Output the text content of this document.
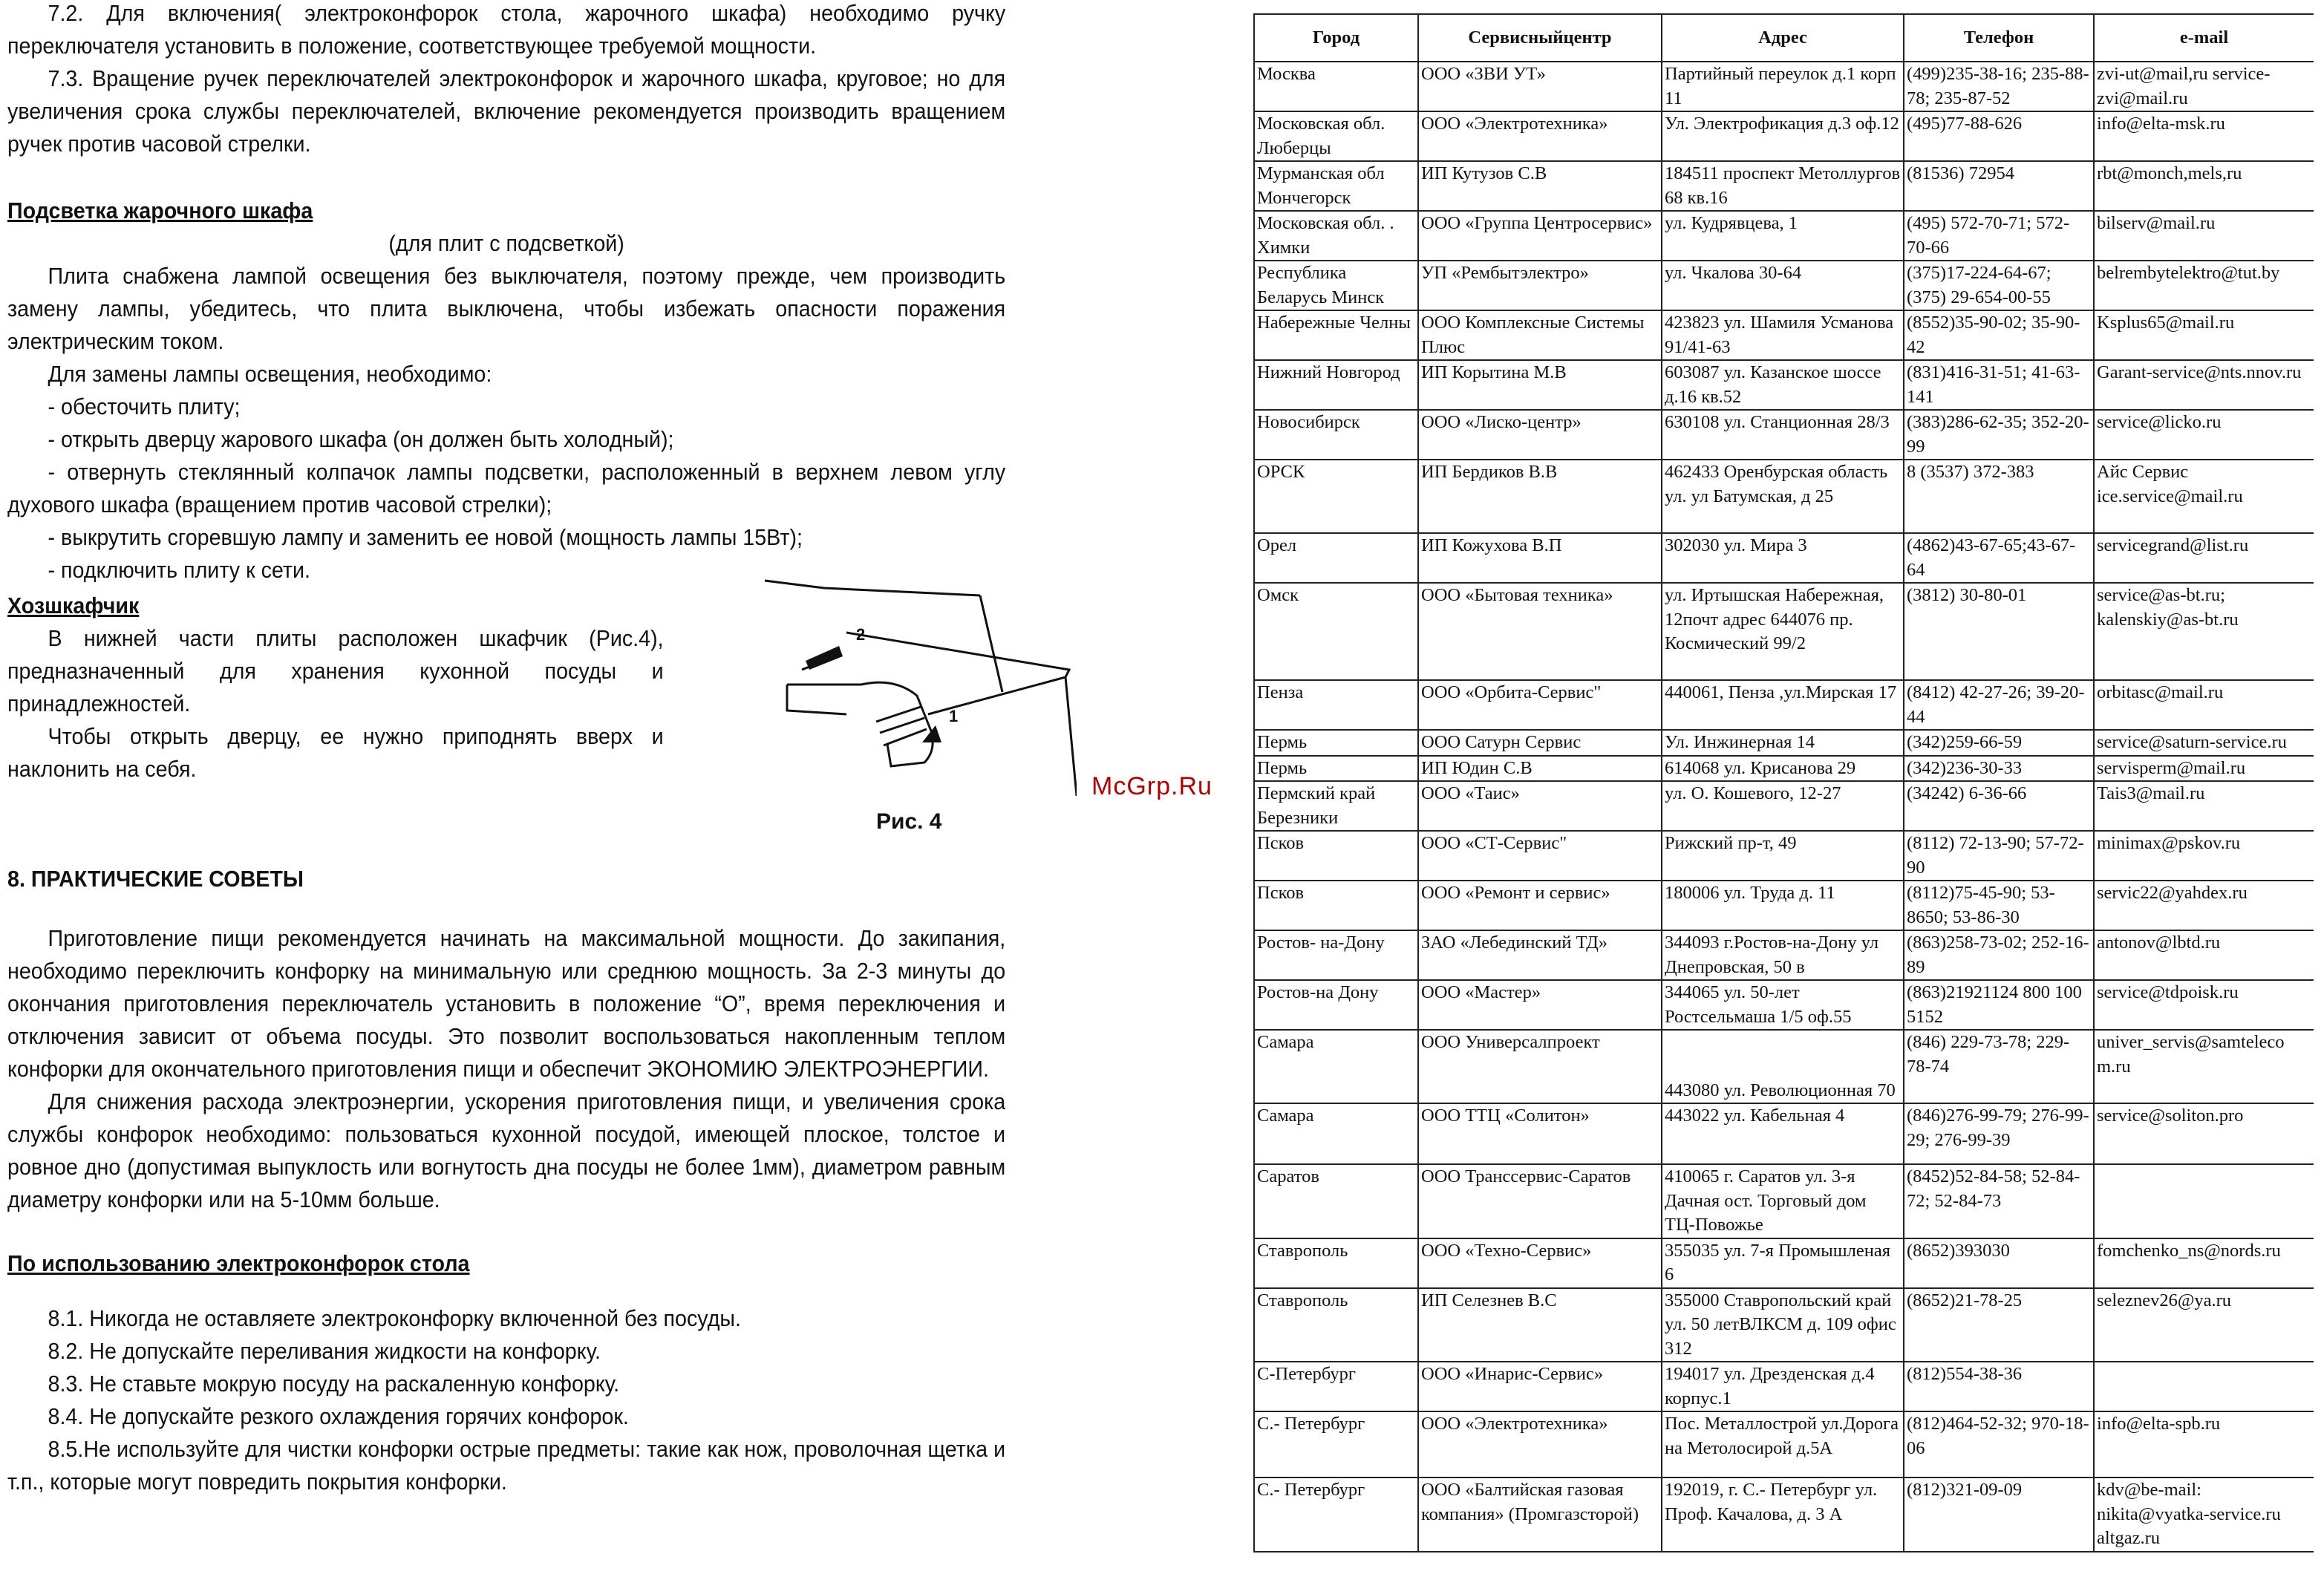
7.2. Для включения( электроконфорок стола, жарочного шкафа) необходимо ручку переключателя установить в положение, соответствующее требуемой мощности.

7.3. Вращение ручек переключателей электроконфорок и жарочного шкафа, круговое; но для увеличения срока службы переключателей, включение рекомендуется производить вращением ручек против часовой стрелки.

Подсветка жарочного шкафа

(для плит с подсветкой)

Плита снабжена лампой освещения без выключателя, поэтому прежде, чем производить замену лампы, убедитесь, что плита выключена, чтобы избежать опасности поражения электрическим током.

Для замены лампы освещения, необходимо:

- обесточить плиту;

- открыть дверцу жарового шкафа (он должен быть холодный);

- отвернуть стеклянный колпачок лампы подсветки, расположенный в верхнем левом углу духового шкафа (вращением против часовой стрелки);

- выкрутить сгоревшую лампу и заменить ее новой (мощность лампы 15Вт);

- подключить плиту к сети.

Хозшкафчик

В нижней части плиты расположен шкафчик (Рис.4), предназначенный для хранения кухонной посуды и принадлежностей.

Чтобы открыть дверцу, ее нужно приподнять вверх и наклонить на себя.

8. ПРАКТИЧЕСКИЕ СОВЕТЫ

Приготовление пищи рекомендуется начинать на максимальной мощности. До закипания, необходимо переключить конфорку на минимальную или среднюю мощность. За 2-3 минуты до окончания приготовления переключатель установить в положение “О”, время переключения и отключения зависит от объема посуды. Это позволит воспользоваться накопленным теплом конфорки для окончательного приготовления пищи и обеспечит ЭКОНОМИЮ ЭЛЕКТРОЭНЕРГИИ.

Для снижения расхода электроэнергии, ускорения приготовления пищи, и увеличения срока службы конфорок необходимо: пользоваться кухонной посудой, имеющей плоское, толстое и ровное дно (допустимая выпуклость или вогнутость дна посуды не более 1мм), диаметром равным диаметру конфорки или на 5-10мм больше.

По использованию электроконфорок стола

8.1. Никогда не оставляете электроконфорку включенной без посуды.

8.2. Не допускайте переливания жидкости на конфорку.

8.3. Не ставьте мокрую посуду на раскаленную конфорку.

8.4. Не допускайте резкого охлаждения горячих конфорок.

8.5.Не используйте для чистки конфорки острые предметы: такие как нож, проволочная щетка и т.п., которые могут повредить покрытия конфорки.

1
2
Рис. 4
McGrp.Ru
Город	Сервисныйцентр	Адрес	Телефон	e-mail
Москва	ООО «ЗВИ УТ»	Партийный переулок д.1 корп 11	(499)235-38-16; 235-88-78; 235-87-52	zvi-ut@mail,ru service-zvi@mail.ru
Московская обл. Люберцы	ООО «Электротехника»	Ул. Электрофикация д.3 оф.12	(495)77-88-626	info@elta-msk.ru
Мурманская обл Мончегорск	ИП Кутузов С.В	184511 проспект Метоллургов 68 кв.16	(81536) 72954	rbt@monch,mels,ru
Московская обл. . Химки	ООО «Группа Центросервис»	ул. Кудрявцева, 1	(495) 572-70-71; 572-70-66	bilserv@mail.ru
Республика Беларусь Минск	УП «Рембытэлектро»	ул. Чкалова 30-64	(375)17-224-64-67; (375) 29-654-00-55	belrembytelektro@tut.by
Набережные Челны	ООО Комплексные Системы Плюс	423823 ул. Шамиля Усманова 91/41-63	(8552)35-90-02; 35-90-42	Ksplus65@mail.ru
Нижний Новгород	ИП Корытина М.В	603087 ул. Казанское шоссе д.16 кв.52	(831)416-31-51; 41-63-141	Garant-service@nts.nnov.ru
Новосибирск	ООО «Лиско-центр»	630108 ул. Станционная 28/3	(383)286-62-35; 352-20-99	service@licko.ru
ОРСК	ИП Бердиков В.В	462433 Оренбурская область ул. ул Батумская, д 25	8 (3537) 372-383	Айс Сервис ice.service@mail.ru
Орел	ИП Кожухова В.П	302030 ул. Мира 3	(4862)43-67-65;43-67-64	servicegrand@list.ru
Омск	ООО «Бытовая техника»	ул. Иртышская Набережная, 12почт адрес 644076 пр. Космический 99/2	(3812) 30-80-01	service@as-bt.ru; kalenskiy@as-bt.ru
Пенза	ООО «Орбита-Сервис"	440061, Пенза ,ул.Мирская 17	(8412) 42-27-26; 39-20-44	orbitasc@mail.ru
Пермь	ООО Сатурн Сервис	Ул. Инжинерная 14	(342)259-66-59	service@saturn-service.ru
Пермь	ИП Юдин С.В	614068 ул. Крисанова 29	(342)236-30-33	servisperm@mail.ru
Пермский край Березники	ООО «Таис»	ул. О. Кошевого, 12-27	(34242) 6-36-66	Tais3@mail.ru
Псков	ООО «СТ-Сервис"	Рижский пр-т, 49	(8112) 72-13-90; 57-72-90	minimax@pskov.ru
Псков	ООО «Ремонт и сервис»	180006 ул. Труда д. 11	(8112)75-45-90; 53-8650; 53-86-30	servic22@yahdex.ru
Ростов- на-Дону	ЗАО «Лебединский ТД»	344093 г.Ростов-на-Дону ул Днепровская, 50 в	(863)258-73-02; 252-16-89	antonov@lbtd.ru
Ростов-на Дону	ООО «Мастер»	344065 ул. 50-лет Ростсельмаша 1/5 оф.55	(863)21921124 800 100 5152	service@tdpoisk.ru
Самара	ООО Универсалпроект	443080 ул. Революционная 70	(846) 229-73-78; 229-78-74	univer_servis@samteleco m.ru
Самара	ООО ТТЦ «Солитон»	443022 ул. Кабельная 4	(846)276-99-79; 276-99-29; 276-99-39	service@soliton.pro
Саратов	ООО Транссервис-Саратов	410065 г. Саратов ул. 3-я Дачная ост. Торговый дом ТЦ-Повожье	(8452)52-84-58; 52-84-72; 52-84-73	
Ставрополь	ООО «Техно-Сервис»	355035 ул. 7-я Промышленая 6	(8652)393030	fomchenko_ns@nords.ru
Ставрополь	ИП Селезнев В.С	355000 Ставропольский край ул. 50 летВЛКСМ д. 109 офис 312	(8652)21-78-25	seleznev26@ya.ru
С-Петербург	ООО «Инарис-Сервис»	194017 ул. Дрезденская д.4 корпус.1	(812)554-38-36	
С.- Петербург	ООО «Электротехника»	Пос. Металлострой ул.Дорога на Метолосирой д.5А	(812)464-52-32; 970-18-06	info@elta-spb.ru
С.- Петербург	ООО «Балтийская газовая компания» (Промгазсторой)	192019, г. С.- Петербург ул. Проф. Качалова, д. 3 А	(812)321-09-09	kdv@be-mail: nikita@vyatka-service.ru altgaz.ru
